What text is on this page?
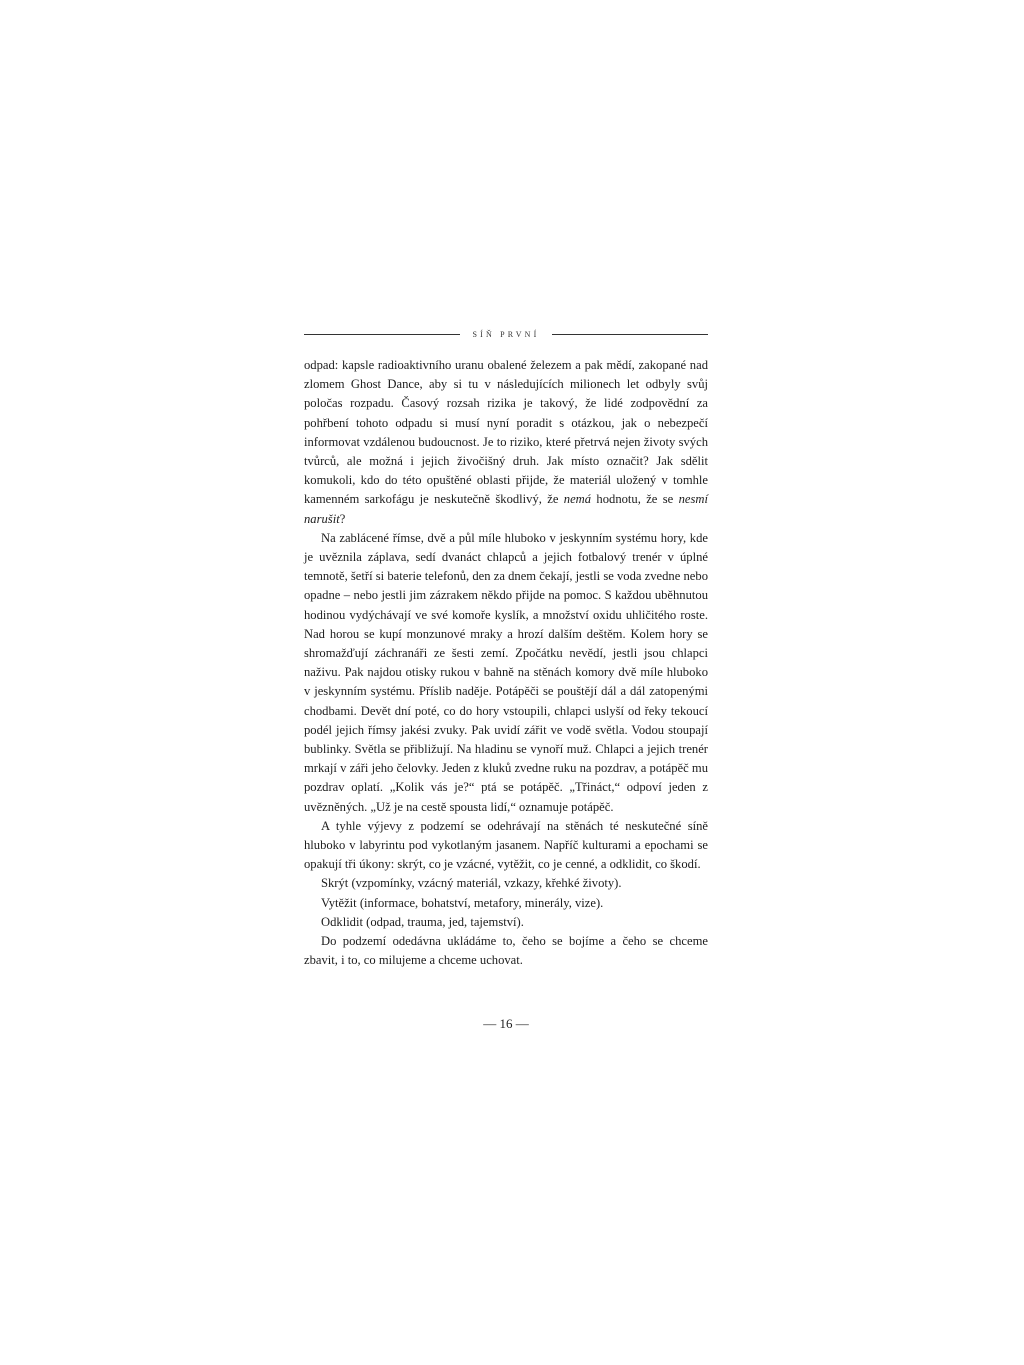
SÍŇ PRVNÍ

odpad: kapsle radioaktivního uranu obalené železem a pak mědí, zakopané nad zlomem Ghost Dance, aby si tu v následujících milionech let odbyly svůj poločas rozpadu. Časový rozsah rizika je takový, že lidé zodpovědní za pohřbení tohoto odpadu si musí nyní poradit s otázkou, jak o nebezpečí informovat vzdálenou budoucnost. Je to riziko, které přetrvá nejen životy svých tvůrců, ale možná i jejich živočišný druh. Jak místo označit? Jak sdělit komukoli, kdo do této opuštěné oblasti přijde, že materiál uložený v tomhle kamenném sarkofágu je neskutečně škodlivý, že nemá hodnotu, že se nesmí narušit?

Na zablácené římse, dvě a půl míle hluboko v jeskynním systému hory, kde je uvěznila záplava, sedí dvanáct chlapců a jejich fotbalový trenér v úplné temnotě, šetří si baterie telefonů, den za dnem čekají, jestli se voda zvedne nebo opadne – nebo jestli jim zázrakem někdo přijde na pomoc. S každou uběhnutou hodinou vydýchávají ve své komoře kyslík, a množství oxidu uhličitého roste. Nad horou se kupí monzunové mraky a hrozí dalším deštěm. Kolem hory se shromažďují záchranáři ze šesti zemí. Zpočátku nevědí, jestli jsou chlapci naživu. Pak najdou otisky rukou v bahně na stěnách komory dvě míle hluboko v jeskynním systému. Příslib naděje. Potápěči se pouštějí dál a dál zatopenými chodbami. Devět dní poté, co do hory vstoupili, chlapci uslyší od řeky tekoucí podél jejich římsy jakési zvuky. Pak uvidí zářit ve vodě světla. Vodou stoupají bublinky. Světla se přibližují. Na hladinu se vynoří muž. Chlapci a jejich trenér mrkají v záři jeho čelovky. Jeden z kluků zvedne ruku na pozdrav, a potápěč mu pozdrav oplatí. „Kolik vás je?“ ptá se potápěč. „Třináct,“ odpoví jeden z uvězněných. „Už je na cestě spousta lidí,“ oznamuje potápěč.

A tyhle výjevy z podzemí se odehrávají na stěnách té neskutečné síně hluboko v labyrintu pod vykotlaným jasanem. Napříč kulturami a epochami se opakují tři úkony: skrýt, co je vzácné, vytěžit, co je cenné, a odklidit, co škodí.

Skrýt (vzpomínky, vzácný materiál, vzkazy, křehké životy).

Vytěžit (informace, bohatství, metafory, minerály, vize).

Odklidit (odpad, trauma, jed, tajemství).

Do podzemí odedávna ukládáme to, čeho se bojíme a čeho se chceme zbavit, i to, co milujeme a chceme uchovat.

— 16 —
